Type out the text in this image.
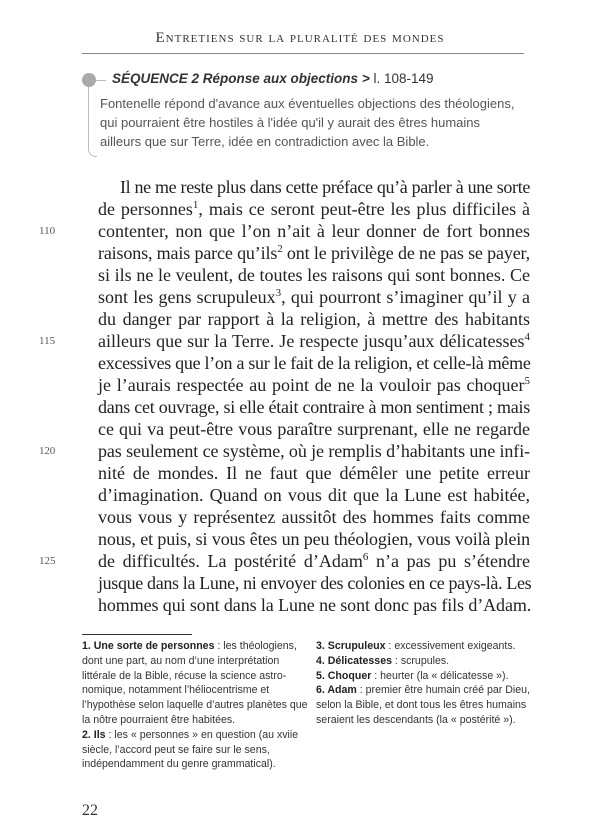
Entretiens sur la pluralité des mondes
SÉQUENCE 2 Réponse aux objections > l. 108-149
Fontenelle répond d'avance aux éventuelles objections des théologiens,
qui pourraient être hostiles à l'idée qu'il y aurait des êtres humains
ailleurs que sur Terre, idée en contradiction avec la Bible.
Il ne me reste plus dans cette préface qu’à parler à une sorte
de personnes$^1$, mais ce seront peut-être les plus difficiles à
110 contenter, non que l’on n’ait à leur donner de fort bonnes
raisons, mais parce qu’ils$^2$ ont le privilège de ne pas se payer,
si ils ne le veulent, de toutes les raisons qui sont bonnes. Ce
sont les gens scrupuleux$^3$, qui pourront s’imaginer qu’il y a
du danger par rapport à la religion, à mettre des habitants
115 ailleurs que sur la Terre. Je respecte jusqu’aux délicatesses$^4$
excessives que l’on a sur le fait de la religion, et celle-là même
je l’aurais respectée au point de ne la vouloir pas choquer$^5$
dans cet ouvrage, si elle était contraire à mon sentiment ; mais
ce qui va peut-être vous paraître surprenant, elle ne regarde
120 pas seulement ce système, où je remplis d’habitants une infi-
nité de mondes. Il ne faut que démêler une petite erreur
d’imagination. Quand on vous dit que la Lune est habitée,
vous vous y représentez aussitôt des hommes faits comme
nous, et puis, si vous êtes un peu théologien, vous voilà plein
125 de difficultés. La postérité d’Adam$^6$ n’a pas pu s’étendre
jusque dans la Lune, ni envoyer des colonies en ce pays-là. Les
hommes qui sont dans la Lune ne sont donc pas fils d’Adam.

1. Une sorte de personnes : les théologiens, dont une part, au nom d’une interprétation littérale de la Bible, récuse la science astro-nomique, notamment l’héliocentrisme et l’hypothèse selon laquelle d’autres planètes que la nôtre pourraient être habitées.

2. Ils : les « personnes » en question (au xviie siècle, l’accord peut se faire sur le sens, indépendamment du genre grammatical).

3. Scrupuleux : excessivement exigeants.

4. Délicatesses : scrupules.

5. Choquer : heurter (la « délicatesse »).

6. Adam : premier être humain créé par Dieu, selon la Bible, et dont tous les êtres humains seraient les descendants (la « postérité »).

22
